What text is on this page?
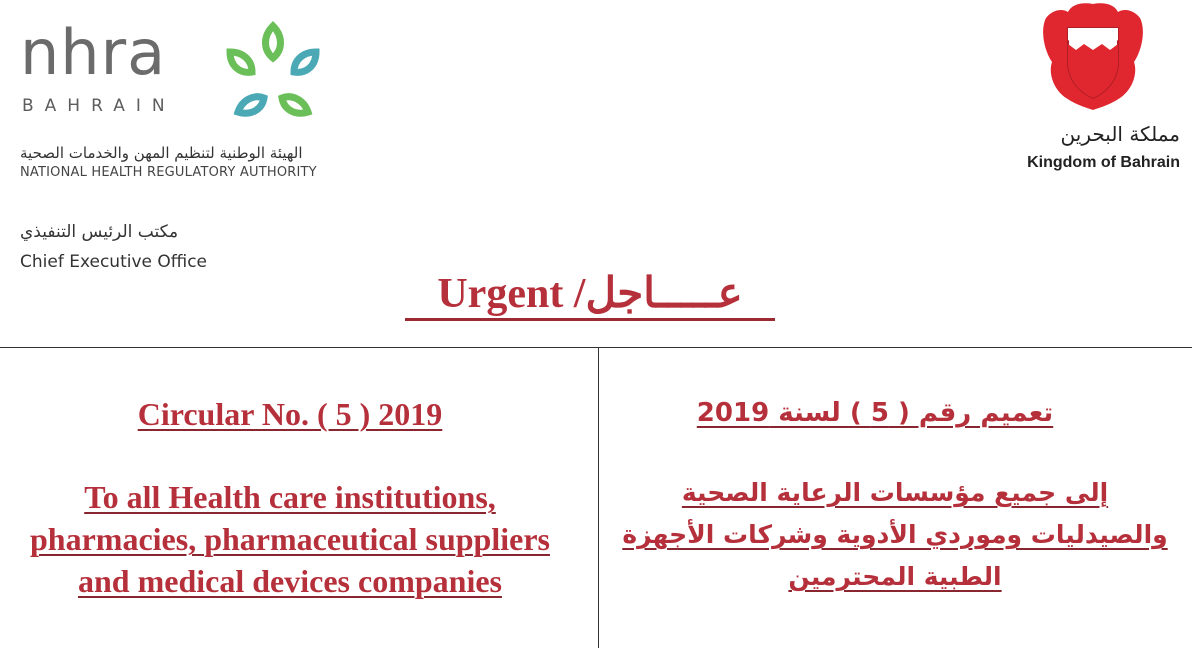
nhra
BAHRAIN
الهيئة الوطنية لتنظيم المهن والخدمات الصحية
NATIONAL HEALTH REGULATORY AUTHORITY
مكتب الرئيس التنفيذي
Chief Executive Office
مملكة البحرين
Kingdom of Bahrain
Urgent /عـــــاجل
Circular No. ( 5 ) 2019
To all Health care institutions, pharmacies, pharmaceutical suppliers and medical devices companies
تعميم رقم ( 5 ) لسنة 2019
إلى جميع مؤسسات الرعاية الصحية والصيدليات وموردي الأدوية وشركات الأجهزة الطبية المحترمين
